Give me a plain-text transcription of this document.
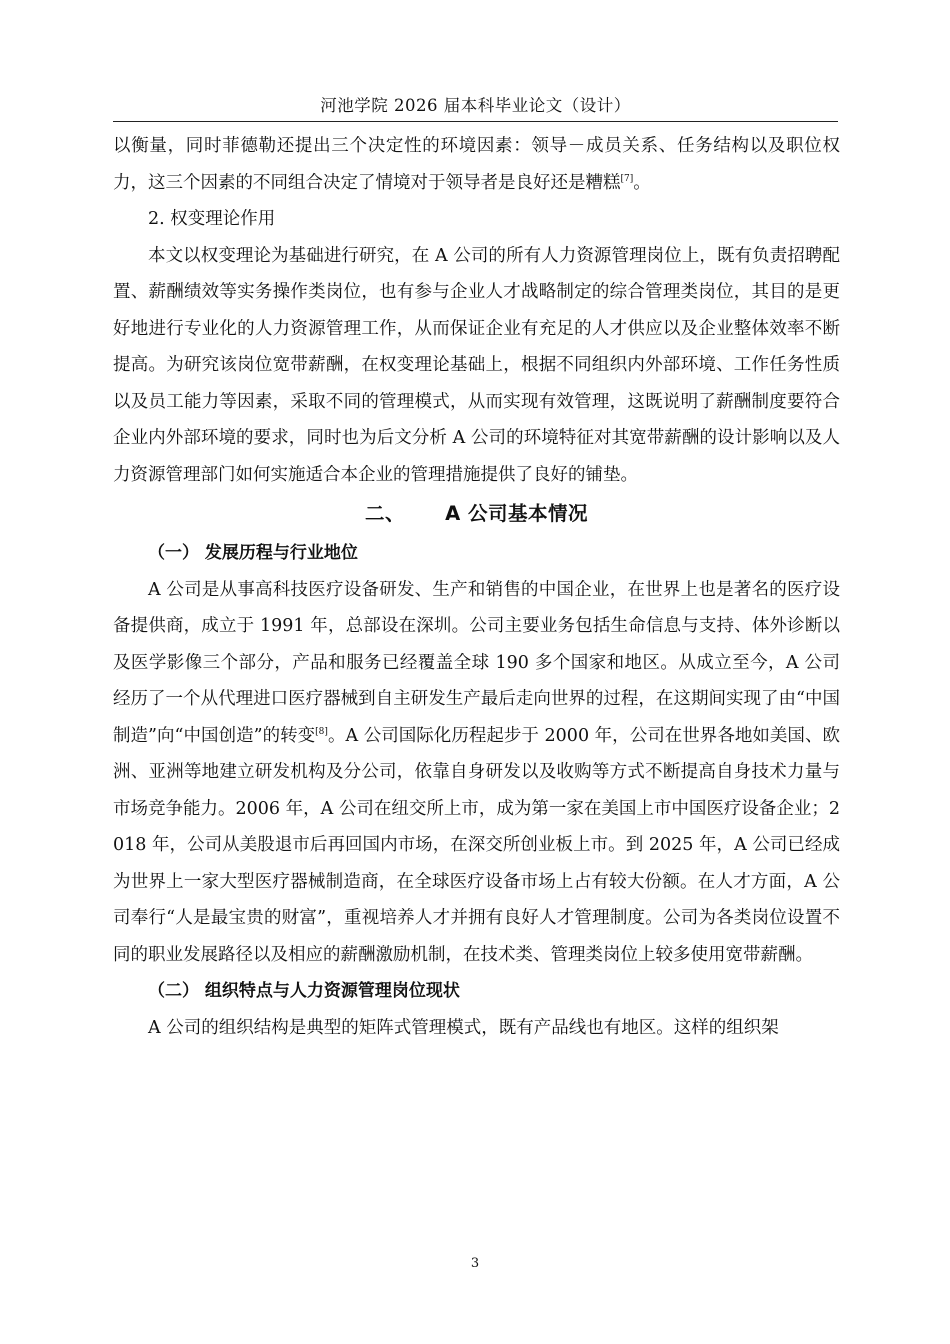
河池学院 2026 届本科毕业论文（设计）

以衡量，同时菲德勒还提出三个决定性的环境因素：领导－成员关系、任务结构以及职位权力，这三个因素的不同组合决定了情境对于领导者是良好还是糟糕[7]。

2. 权变理论作用

本文以权变理论为基础进行研究，在 A 公司的所有人力资源管理岗位上，既有负责招聘配置、薪酬绩效等实务操作类岗位，也有参与企业人才战略制定的综合管理类岗位，其目的是更好地进行专业化的人力资源管理工作，从而保证企业有充足的人才供应以及企业整体效率不断提高。为研究该岗位宽带薪酬，在权变理论基础上，根据不同组织内外部环境、工作任务性质以及员工能力等因素，采取不同的管理模式，从而实现有效管理，这既说明了薪酬制度要符合企业内外部环境的要求，同时也为后文分析 A 公司的环境特征对其宽带薪酬的设计影响以及人力资源管理部门如何实施适合本企业的管理措施提供了良好的铺垫。

二、 A 公司基本情况

（一） 发展历程与行业地位

A 公司是从事高科技医疗设备研发、生产和销售的中国企业，在世界上也是著名的医疗设备提供商，成立于 1991 年，总部设在深圳。公司主要业务包括生命信息与支持、体外诊断以及医学影像三个部分，产品和服务已经覆盖全球 190 多个国家和地区。从成立至今，A 公司经历了一个从代理进口医疗器械到自主研发生产最后走向世界的过程，在这期间实现了由“中国制造”向“中国创造”的转变[8]。A 公司国际化历程起步于 2000 年，公司在世界各地如美国、欧洲、亚洲等地建立研发机构及分公司，依靠自身研发以及收购等方式不断提高自身技术力量与市场竞争能力。2006 年，A 公司在纽交所上市，成为第一家在美国上市中国医疗设备企业；2018 年，公司从美股退市后再回国内市场，在深交所创业板上市。到 2025 年，A 公司已经成为世界上一家大型医疗器械制造商，在全球医疗设备市场上占有较大份额。在人才方面，A 公司奉行“人是最宝贵的财富”，重视培养人才并拥有良好人才管理制度。公司为各类岗位设置不同的职业发展路径以及相应的薪酬激励机制，在技术类、管理类岗位上较多使用宽带薪酬。

（二） 组织特点与人力资源管理岗位现状

A 公司的组织结构是典型的矩阵式管理模式，既有产品线也有地区。这样的组织架

3
